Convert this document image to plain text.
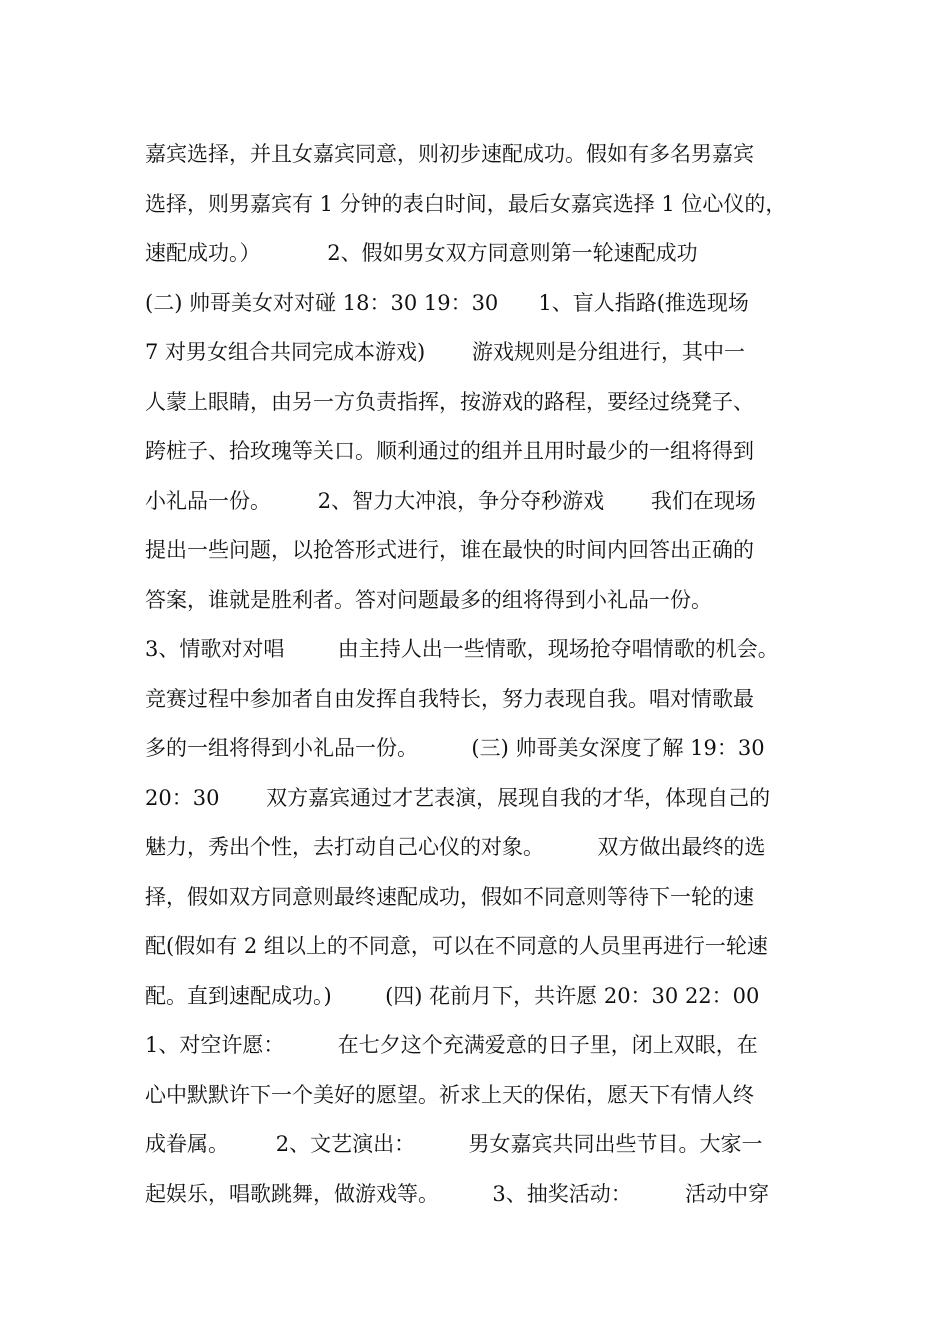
嘉宾选择，并且女嘉宾同意，则初步速配成功。假如有多名男嘉宾
选择，则男嘉宾有 1 分钟的表白时间，最后女嘉宾选择 1 位心仪的，
速配成功。）          2、假如男女双方同意则第一轮速配成功
(二) 帅哥美女对对碰 18：30 19：30      1、盲人指路(推选现场
7 对男女组合共同完成本游戏)       游戏规则是分组进行，其中一
人蒙上眼睛，由另一方负责指挥，按游戏的路程，要经过绕凳子、
跨桩子、拾玫瑰等关口。顺利通过的组并且用时最少的一组将得到
小礼品一份。       2、智力大冲浪，争分夺秒游戏       我们在现场
提出一些问题，以抢答形式进行，谁在最快的时间内回答出正确的
答案，谁就是胜利者。答对问题最多的组将得到小礼品一份。
3、情歌对对唱        由主持人出一些情歌，现场抢夺唱情歌的机会。
竞赛过程中参加者自由发挥自我特长，努力表现自我。唱对情歌最
多的一组将得到小礼品一份。        (三) 帅哥美女深度了解 19：30
20：30       双方嘉宾通过才艺表演，展现自我的才华，体现自己的
魅力，秀出个性，去打动自己心仪的对象。        双方做出最终的选
择，假如双方同意则最终速配成功，假如不同意则等待下一轮的速
配(假如有 2 组以上的不同意，可以在不同意的人员里再进行一轮速
配。直到速配成功。)        (四) 花前月下，共许愿 20：30 22：00
1、对空许愿：        在七夕这个充满爱意的日子里，闭上双眼，在
心中默默许下一个美好的愿望。祈求上天的保佑，愿天下有情人终
成眷属。       2、文艺演出：        男女嘉宾共同出些节目。大家一
起娱乐，唱歌跳舞，做游戏等。        3、抽奖活动：        活动中穿
